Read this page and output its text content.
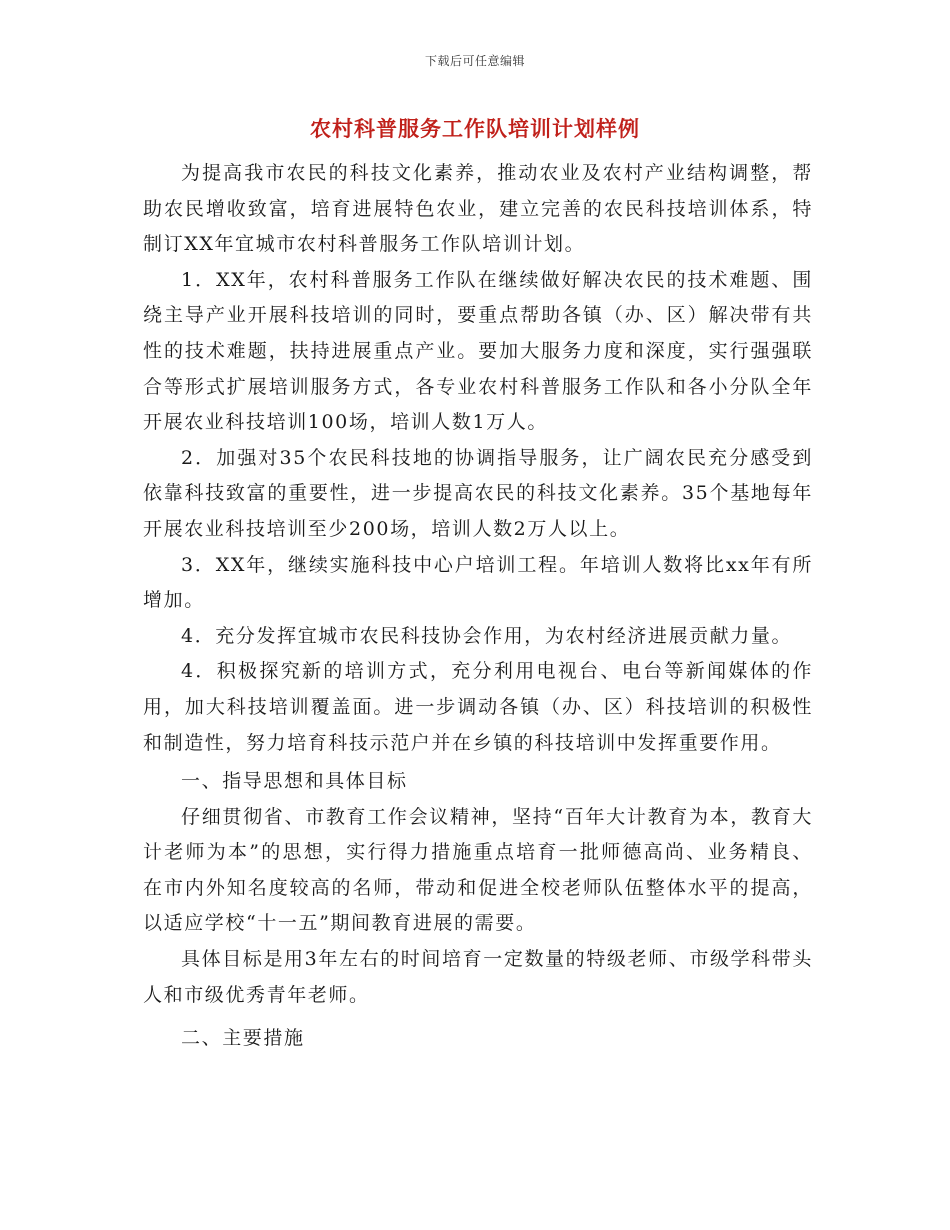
下载后可任意编辑
农村科普服务工作队培训计划样例

为提高我市农民的科技文化素养，推动农业及农村产业结构调整，帮助农民增收致富，培育进展特色农业，建立完善的农民科技培训体系，特制订XX年宜城市农村科普服务工作队培训计划。

1．XX年，农村科普服务工作队在继续做好解决农民的技术难题、围绕主导产业开展科技培训的同时，要重点帮助各镇（办、区）解决带有共性的技术难题，扶持进展重点产业。要加大服务力度和深度，实行强强联合等形式扩展培训服务方式，各专业农村科普服务工作队和各小分队全年开展农业科技培训100场，培训人数1万人。

2．加强对35个农民科技地的协调指导服务，让广阔农民充分感受到依靠科技致富的重要性，进一步提高农民的科技文化素养。35个基地每年开展农业科技培训至少200场，培训人数2万人以上。

3．XX年，继续实施科技中心户培训工程。年培训人数将比xx年有所增加。

4．充分发挥宜城市农民科技协会作用，为农村经济进展贡献力量。

4．积极探究新的培训方式，充分利用电视台、电台等新闻媒体的作用，加大科技培训覆盖面。进一步调动各镇（办、区）科技培训的积极性和制造性，努力培育科技示范户并在乡镇的科技培训中发挥重要作用。

一、指导思想和具体目标

仔细贯彻省、市教育工作会议精神，坚持“百年大计教育为本，教育大计老师为本”的思想，实行得力措施重点培育一批师德高尚、业务精良、在市内外知名度较高的名师，带动和促进全校老师队伍整体水平的提高，以适应学校“十一五”期间教育进展的需要。

具体目标是用3年左右的时间培育一定数量的特级老师、市级学科带头人和市级优秀青年老师。

二、主要措施
